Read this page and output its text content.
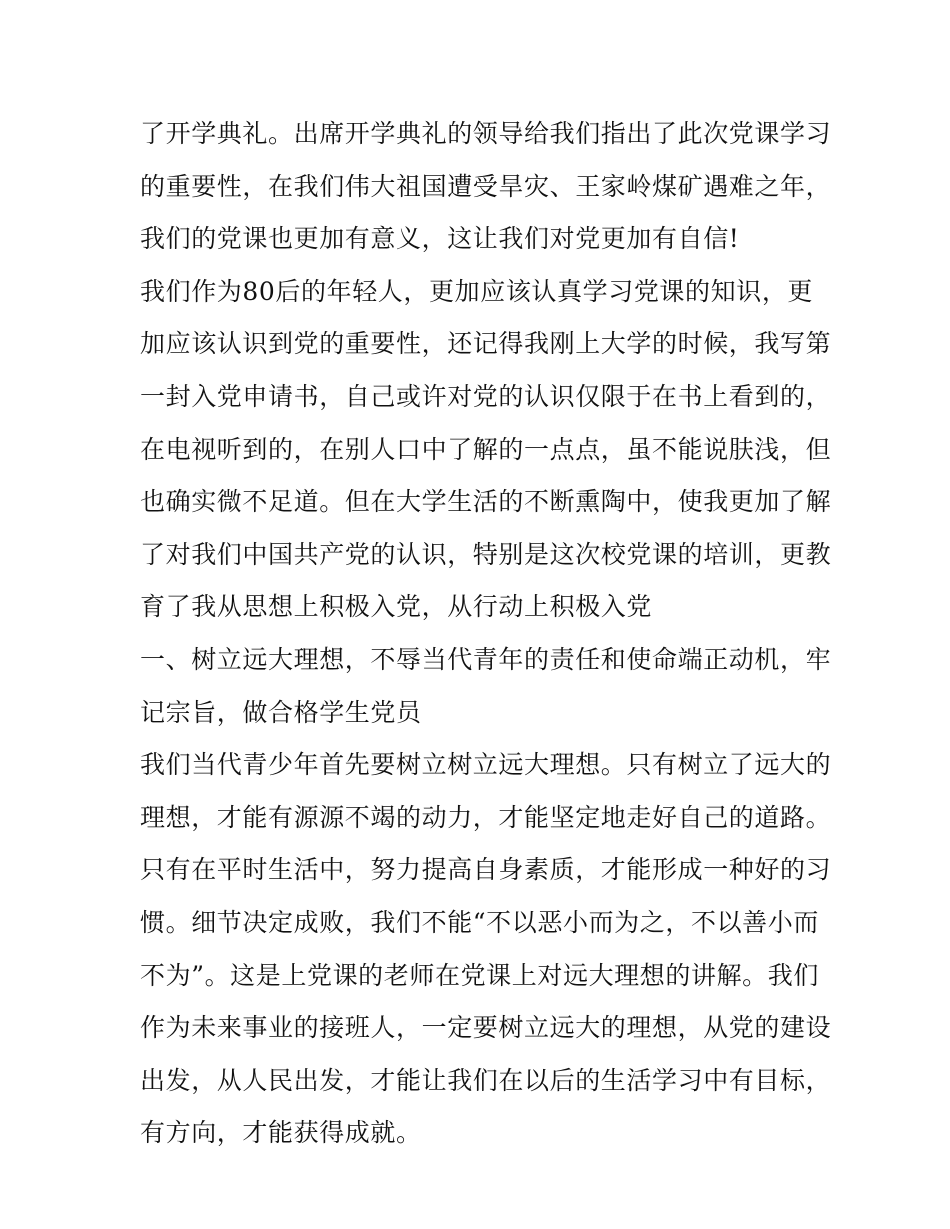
了开学典礼。出席开学典礼的领导给我们指出了此次党课学习
的重要性，在我们伟大祖国遭受旱灾、王家岭煤矿遇难之年，
我们的党课也更加有意义，这让我们对党更加有自信!
我们作为80后的年轻人，更加应该认真学习党课的知识，更
加应该认识到党的重要性，还记得我刚上大学的时候，我写第
一封入党申请书，自己或许对党的认识仅限于在书上看到的，
在电视听到的，在别人口中了解的一点点，虽不能说肤浅，但
也确实微不足道。但在大学生活的不断熏陶中，使我更加了解
了对我们中国共产党的认识，特别是这次校党课的培训，更教
育了我从思想上积极入党，从行动上积极入党
一、树立远大理想，不辱当代青年的责任和使命端正动机，牢
记宗旨，做合格学生党员
我们当代青少年首先要树立树立远大理想。只有树立了远大的
理想，才能有源源不竭的动力，才能坚定地走好自己的道路。
只有在平时生活中，努力提高自身素质，才能形成一种好的习
惯。细节决定成败，我们不能“不以恶小而为之，不以善小而
不为”。这是上党课的老师在党课上对远大理想的讲解。我们
作为未来事业的接班人，一定要树立远大的理想，从党的建设
出发，从人民出发，才能让我们在以后的生活学习中有目标，
有方向，才能获得成就。
